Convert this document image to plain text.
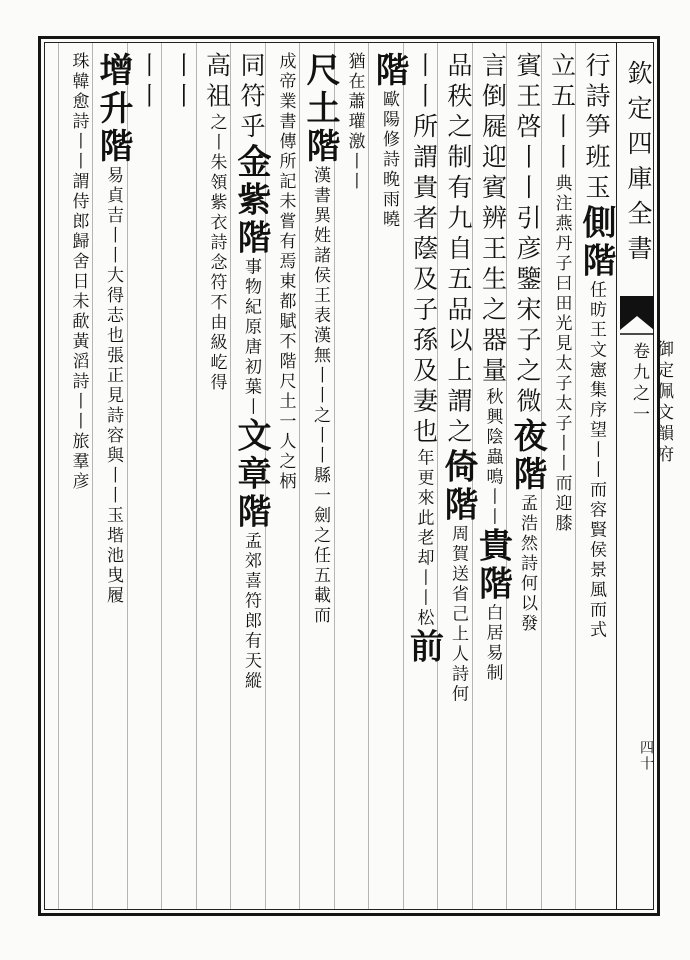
欽定四庫全書
御定佩文韻府
卷九之一
四十
行詩笋班玉側階任昉王文憲集序望丨丨而容賢侯景風而式
立五丨丨典注燕丹子曰田光見太子太子丨丨而迎膝
賓王啓丨丨引彦鑒宋子之微夜階孟浩然詩何以發
言倒屣迎賓辨王生之器量秋興陰蟲鳴丨丨貴階白居易制
品秩之制有九自五品以上謂之倚階周賀送省己上人詩何
丨丨所謂貴者蔭及子孫及妻也年更來此老却丨丨松前
階歐陽修詩晚雨曉
猶在蕭瓘激丨丨
尺土階漢書異姓諸侯王表漢無丨丨之丨丨縣一劍之任五載而
成帝業書傳所記未嘗有焉東都賦不階尺土一人之柄
同符乎金紫階事物紀原唐初葉丨文章階孟郊喜符郎有天縱
高祖之丨朱領紫衣詩念符不由級屹得
丨丨
丨丨
增升階易貞吉丨丨大得志也張正見詩容與丨丨玉堦池曳履
珠韓愈詩丨丨謂侍郎歸舍日未歃黃滔詩丨丨旅羣彦
